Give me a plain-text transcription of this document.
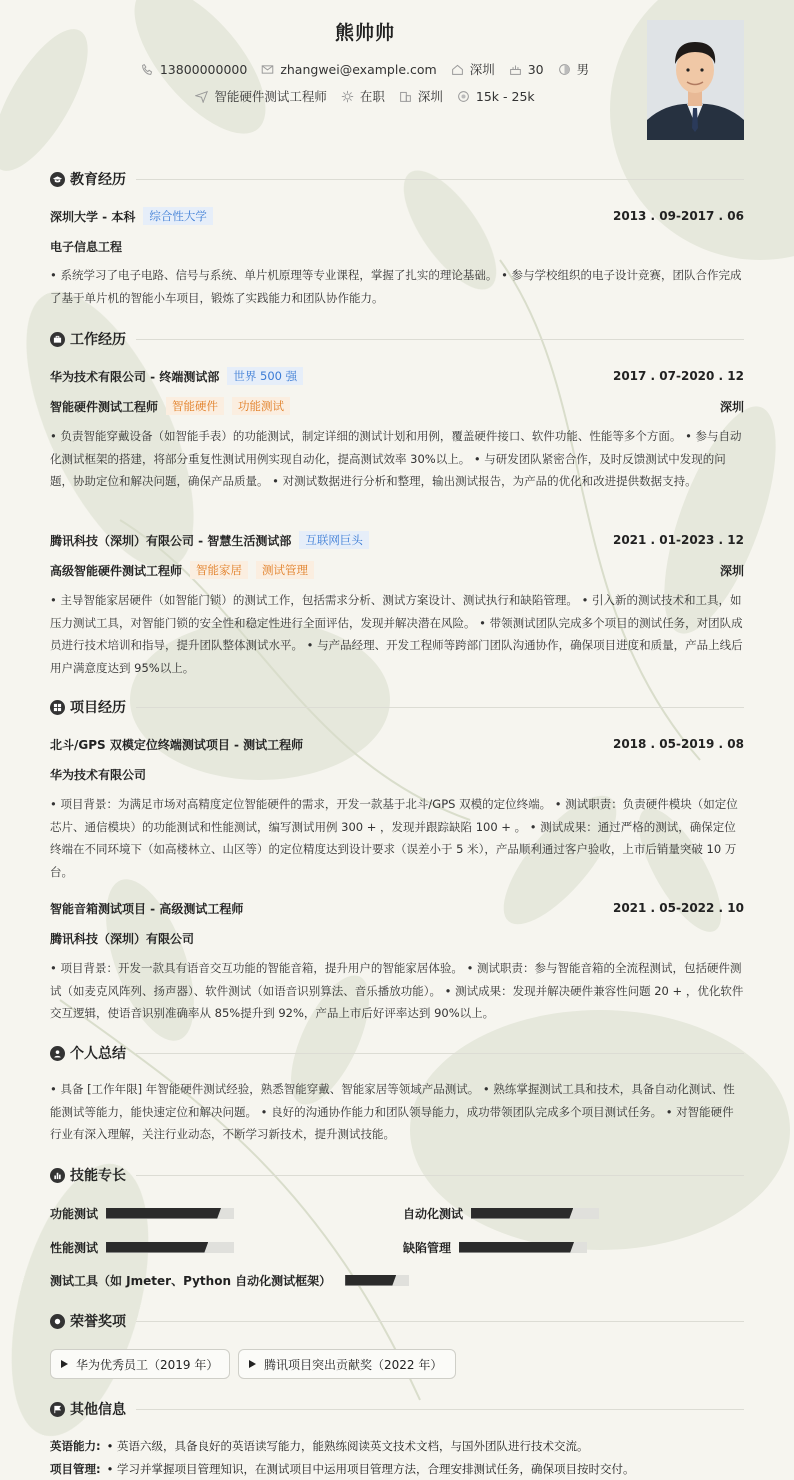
熊帅帅
13800000000	zhangwei@example.com	深圳	30	男
智能硬件测试工程师	在职	深圳	15k - 25k
教育经历
深圳大学 - 本科	综合性大学	2013 . 09-2017 . 06
电子信息工程
• 系统学习了电子电路、信号与系统、单片机原理等专业课程，掌握了扎实的理论基础。 • 参与学校组织的电子设计竞赛，团队合作完成了基于单片机的智能小车项目，锻炼了实践能力和团队协作能力。
工作经历
华为技术有限公司 - 终端测试部	世界 500 强	2017 . 07-2020 . 12
智能硬件测试工程师	智能硬件	功能测试	深圳
• 负责智能穿戴设备（如智能手表）的功能测试，制定详细的测试计划和用例，覆盖硬件接口、软件功能、性能等多个方面。 • 参与自动化测试框架的搭建，将部分重复性测试用例实现自动化，提高测试效率 30%以上。 • 与研发团队紧密合作，及时反馈测试中发现的问题，协助定位和解决问题，确保产品质量。 • 对测试数据进行分析和整理，输出测试报告，为产品的优化和改进提供数据支持。
腾讯科技（深圳）有限公司 - 智慧生活测试部	互联网巨头	2021 . 01-2023 . 12
高级智能硬件测试工程师	智能家居	测试管理	深圳
• 主导智能家居硬件（如智能门锁）的测试工作，包括需求分析、测试方案设计、测试执行和缺陷管理。 • 引入新的测试技术和工具，如压力测试工具，对智能门锁的安全性和稳定性进行全面评估，发现并解决潜在风险。 • 带领测试团队完成多个项目的测试任务，对团队成员进行技术培训和指导，提升团队整体测试水平。 • 与产品经理、开发工程师等跨部门团队沟通协作，确保项目进度和质量，产品上线后用户满意度达到 95%以上。
项目经历
北斗/GPS 双模定位终端测试项目 - 测试工程师	2018 . 05-2019 . 08
华为技术有限公司
• 项目背景：为满足市场对高精度定位智能硬件的需求，开发一款基于北斗/GPS 双模的定位终端。 • 测试职责：负责硬件模块（如定位芯片、通信模块）的功能测试和性能测试，编写测试用例 300 + ，发现并跟踪缺陷 100 + 。 • 测试成果：通过严格的测试，确保定位终端在不同环境下（如高楼林立、山区等）的定位精度达到设计要求（误差小于 5 米），产品顺利通过客户验收，上市后销量突破 10 万台。
智能音箱测试项目 - 高级测试工程师	2021 . 05-2022 . 10
腾讯科技（深圳）有限公司
• 项目背景：开发一款具有语音交互功能的智能音箱，提升用户的智能家居体验。 • 测试职责：参与智能音箱的全流程测试，包括硬件测试（如麦克风阵列、扬声器）、软件测试（如语音识别算法、音乐播放功能）。 • 测试成果：发现并解决硬件兼容性问题 20 + ，优化软件交互逻辑，使语音识别准确率从 85%提升到 92%，产品上市后好评率达到 90%以上。
个人总结
• 具备 [工作年限] 年智能硬件测试经验，熟悉智能穿戴、智能家居等领域产品测试。 • 熟练掌握测试工具和技术，具备自动化测试、性能测试等能力，能快速定位和解决问题。 • 良好的沟通协作能力和团队领导能力，成功带领团队完成多个项目测试任务。 • 对智能硬件行业有深入理解，关注行业动态，不断学习新技术，提升测试技能。
技能专长
功能测试	自动化测试
性能测试	缺陷管理
测试工具（如 Jmeter、Python 自动化测试框架）
荣誉奖项
华为优秀员工（2019 年）	腾讯项目突出贡献奖（2022 年）
其他信息
英语能力: • 英语六级，具备良好的英语读写能力，能熟练阅读英文技术文档，与国外团队进行技术交流。
项目管理: • 学习并掌握项目管理知识，在测试项目中运用项目管理方法，合理安排测试任务，确保项目按时交付。
